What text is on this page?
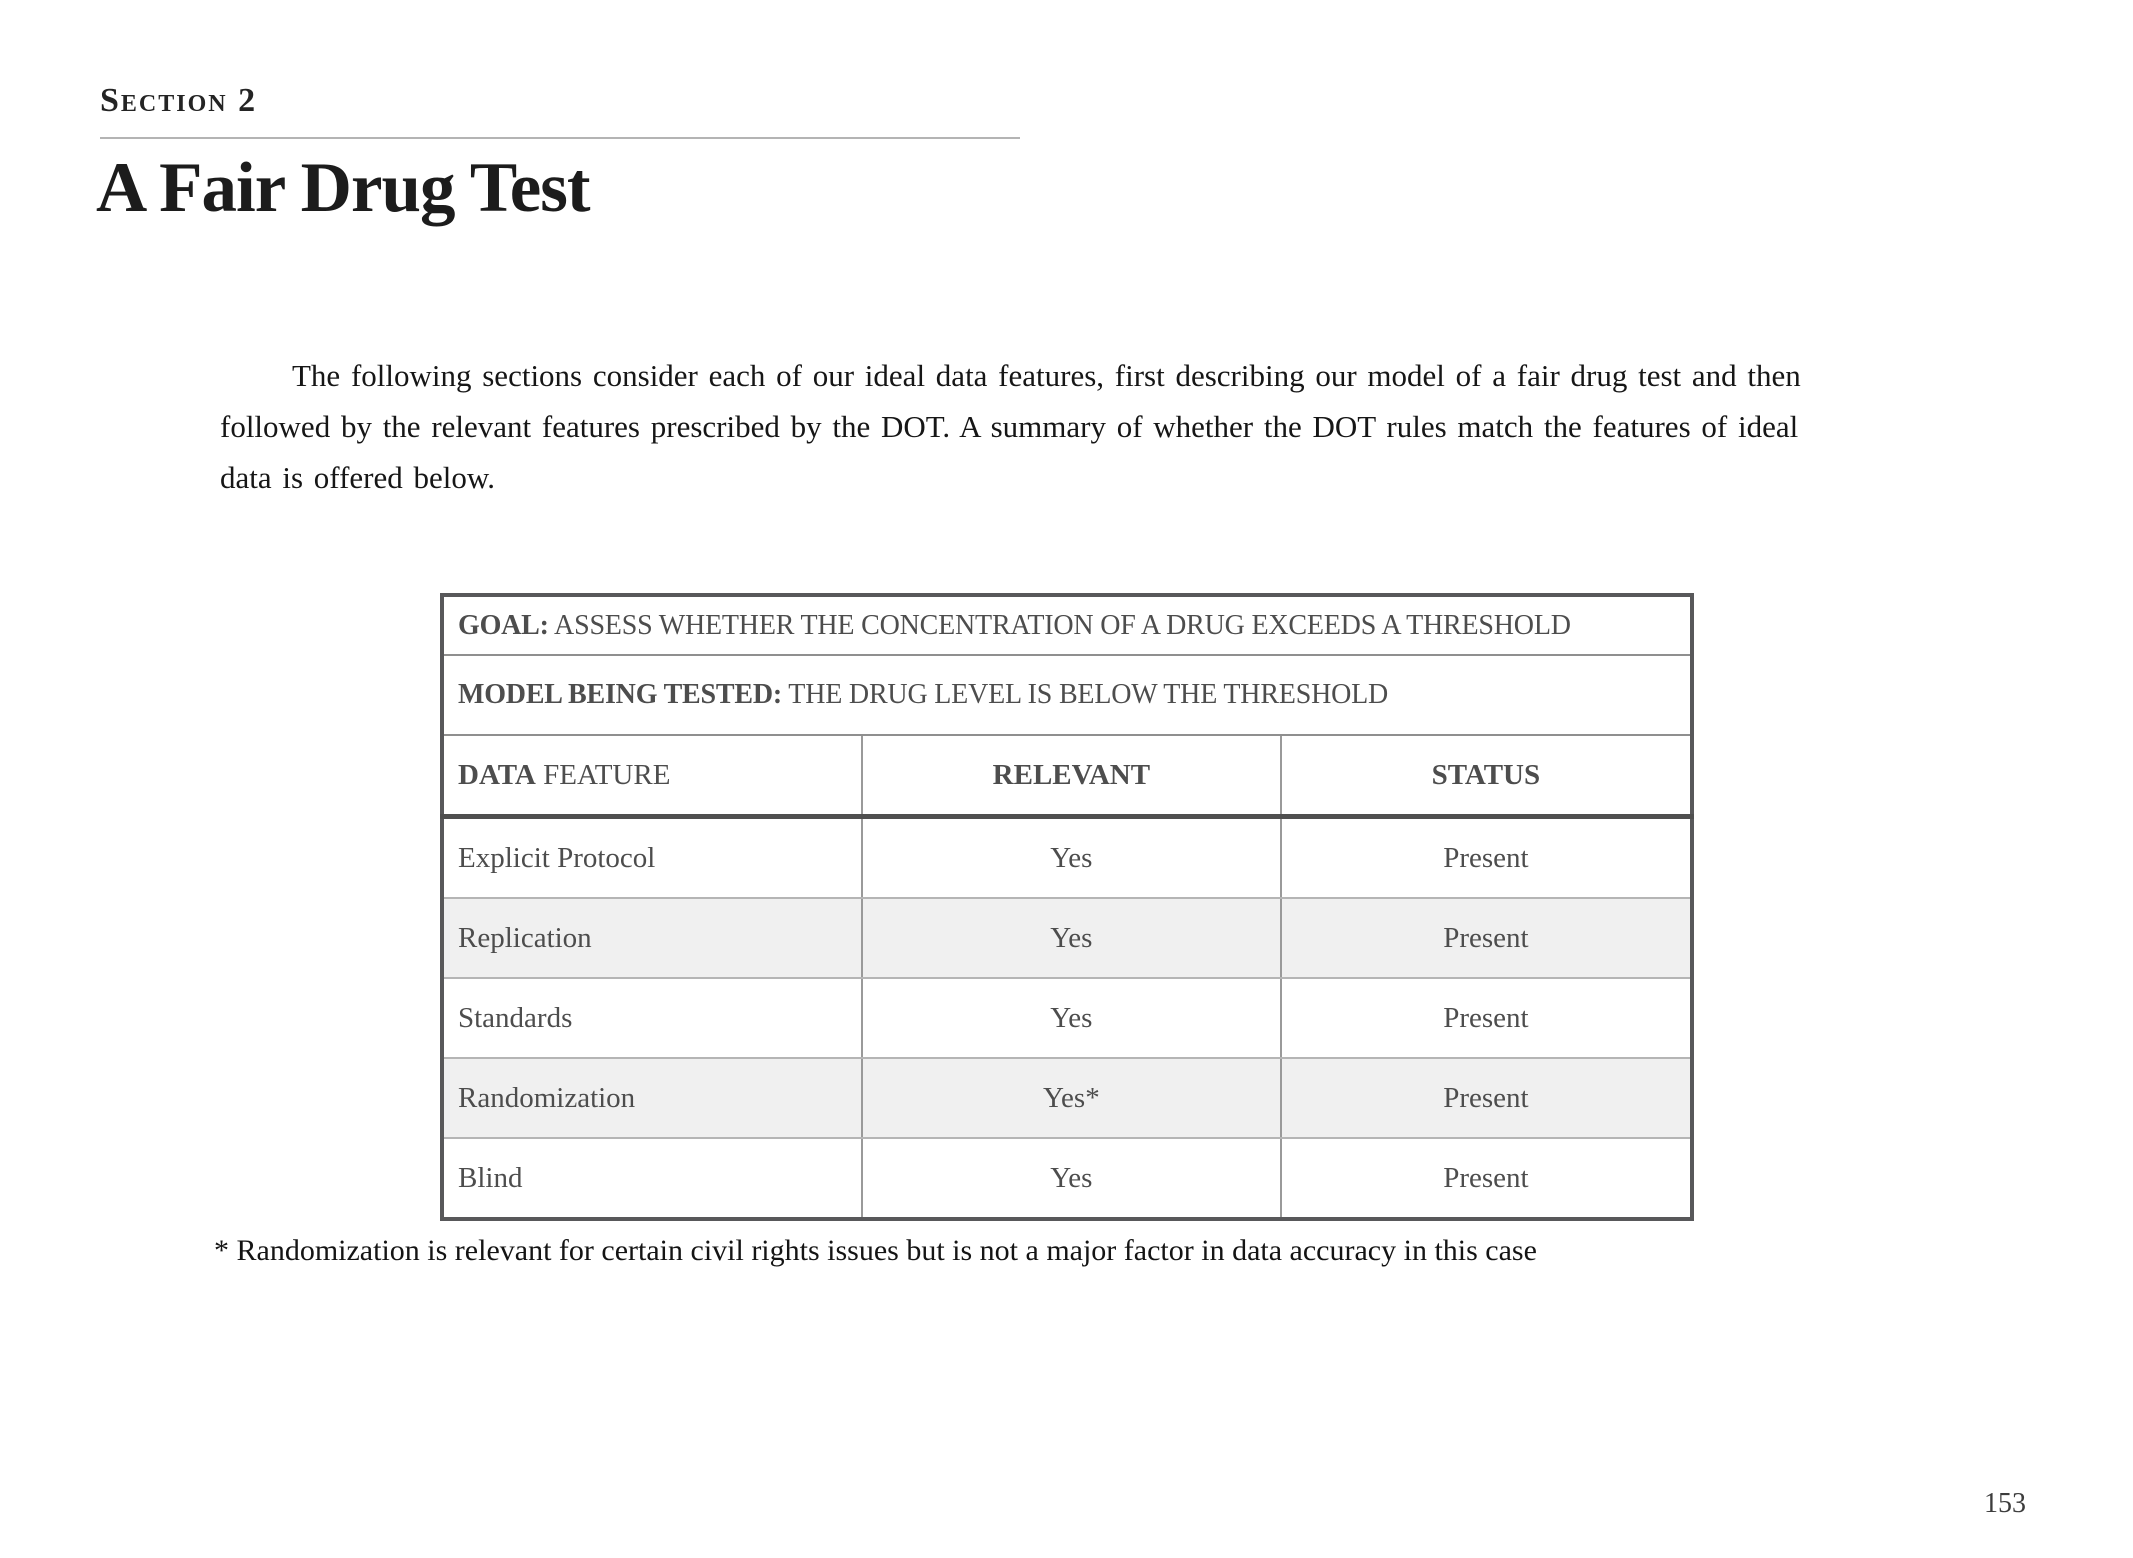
Section 2
A Fair Drug Test

The following sections consider each of our ideal data features, first describing our model of a fair drug test and then followed by the relevant features prescribed by the DOT. A summary of whether the DOT rules match the features of ideal data is offered below.

GOAL: ASSESS WHETHER THE CONCENTRATION OF A DRUG EXCEEDS A THRESHOLD		
MODEL BEING TESTED: THE DRUG LEVEL IS BELOW THE THRESHOLD		
DATA FEATURE	RELEVANT	STATUS
Explicit Protocol	Yes	Present
Replication	Yes	Present
Standards	Yes	Present
Randomization	Yes*	Present
Blind	Yes	Present
* Randomization is relevant for certain civil rights issues but is not a major factor in data accuracy in this case
153
